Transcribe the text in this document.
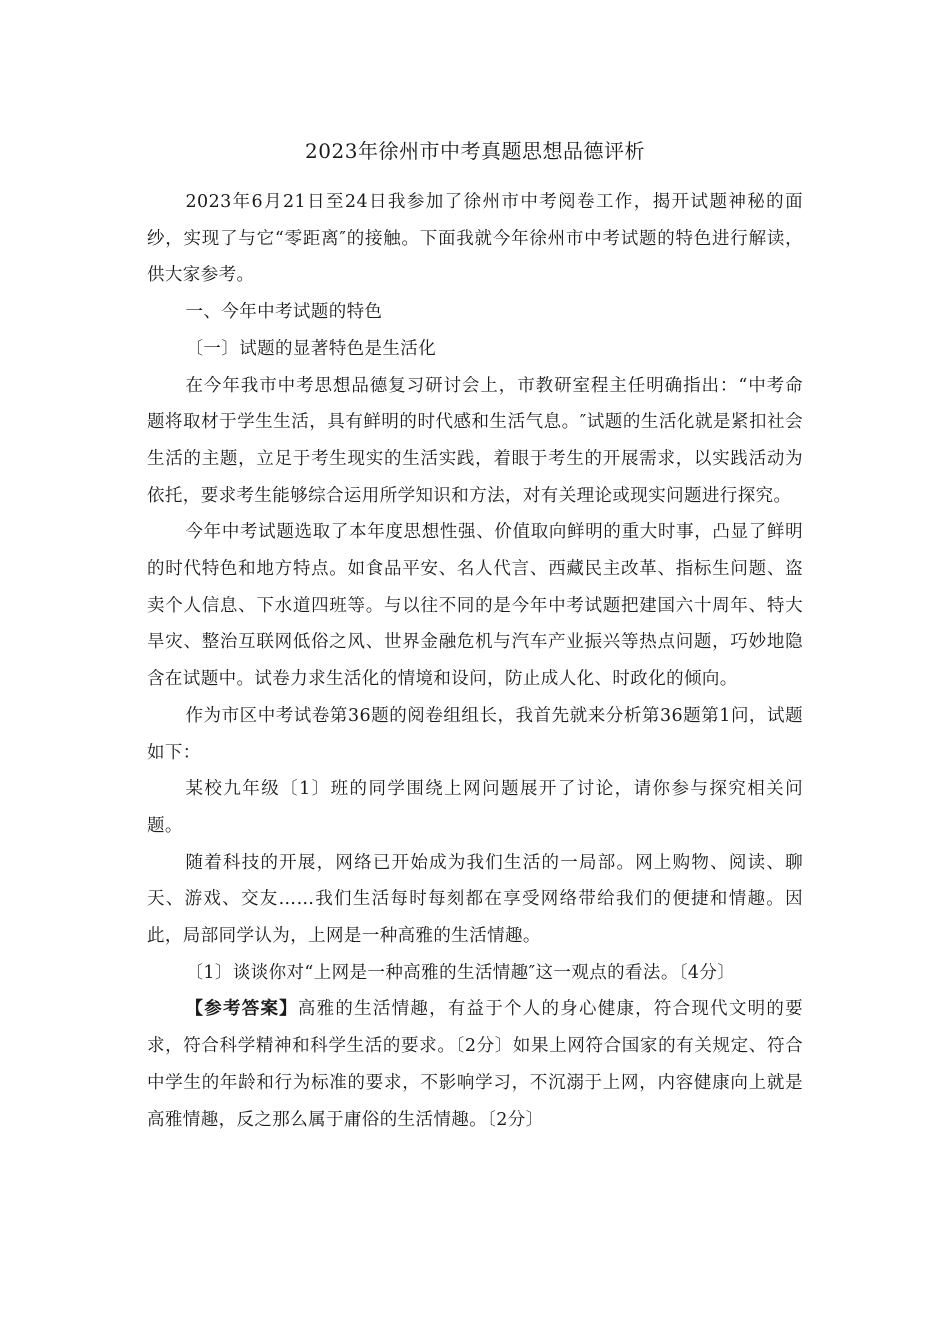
2023年徐州市中考真题思想品德评析

2023年6月21日至24日我参加了徐州市中考阅卷工作，揭开试题神秘的面纱，实现了与它“零距离″的接触。下面我就今年徐州市中考试题的特色进行解读，供大家参考。

一、今年中考试题的特色

〔一〕试题的显著特色是生活化

在今年我市中考思想品德复习研讨会上，市教研室程主任明确指出：“中考命题将取材于学生生活，具有鲜明的时代感和生活气息。″试题的生活化就是紧扣社会生活的主题，立足于考生现实的生活实践，着眼于考生的开展需求，以实践活动为依托，要求考生能够综合运用所学知识和方法，对有关理论或现实问题进行探究。

今年中考试题选取了本年度思想性强、价值取向鲜明的重大时事，凸显了鲜明的时代特色和地方特点。如食品平安、名人代言、西藏民主改革、指标生问题、盗卖个人信息、下水道四班等。与以往不同的是今年中考试题把建国六十周年、特大旱灾、整治互联网低俗之风、世界金融危机与汽车产业振兴等热点问题，巧妙地隐含在试题中。试卷力求生活化的情境和设问，防止成人化、时政化的倾向。

作为市区中考试卷第36题的阅卷组组长，我首先就来分析第36题第1问，试题如下：

某校九年级〔1〕班的同学围绕上网问题展开了讨论，请你参与探究相关问题。

随着科技的开展，网络已开始成为我们生活的一局部。网上购物、阅读、聊天、游戏、交友……我们生活每时每刻都在享受网络带给我们的便捷和情趣。因此，局部同学认为，上网是一种高雅的生活情趣。

〔1〕谈谈你对“上网是一种高雅的生活情趣″这一观点的看法。〔4分〕

【参考答案】高雅的生活情趣，有益于个人的身心健康，符合现代文明的要求，符合科学精神和科学生活的要求。〔2分〕如果上网符合国家的有关规定、符合中学生的年龄和行为标准的要求，不影响学习，不沉溺于上网，内容健康向上就是高雅情趣，反之那么属于庸俗的生活情趣。〔2分〕
